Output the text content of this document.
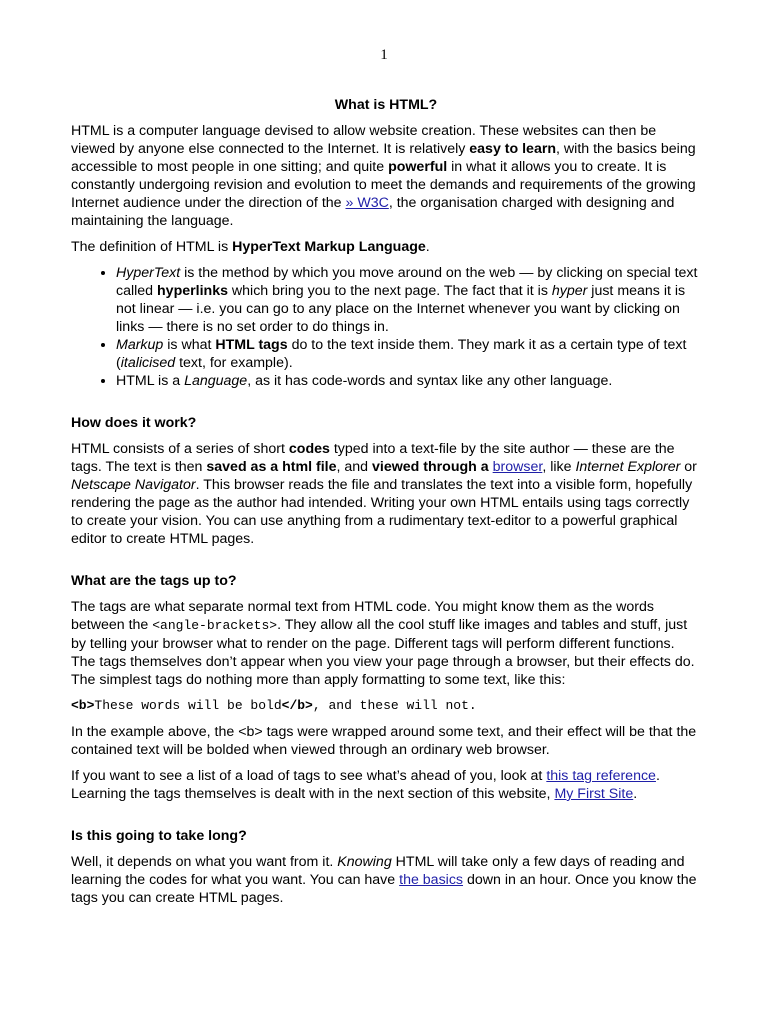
1
What is HTML?

HTML is a computer language devised to allow website creation. These websites can then be viewed by anyone else connected to the Internet. It is relatively easy to learn, with the basics being accessible to most people in one sitting; and quite powerful in what it allows you to create. It is constantly undergoing revision and evolution to meet the demands and requirements of the growing Internet audience under the direction of the » W3C, the organisation charged with designing and maintaining the language.

The definition of HTML is HyperText Markup Language.

• HyperText is the method by which you move around on the web — by clicking on special text called hyperlinks which bring you to the next page. The fact that it is hyper just means it is not linear — i.e. you can go to any place on the Internet whenever you want by clicking on links — there is no set order to do things in.
• Markup is what HTML tags do to the text inside them. They mark it as a certain type of text (italicised text, for example).
• HTML is a Language, as it has code-words and syntax like any other language.
How does it work?

HTML consists of a series of short codes typed into a text-file by the site author — these are the tags. The text is then saved as a html file, and viewed through a browser, like Internet Explorer or Netscape Navigator. This browser reads the file and translates the text into a visible form, hopefully rendering the page as the author had intended. Writing your own HTML entails using tags correctly to create your vision. You can use anything from a rudimentary text-editor to a powerful graphical editor to create HTML pages.

What are the tags up to?

The tags are what separate normal text from HTML code. You might know them as the words between the <angle-brackets>. They allow all the cool stuff like images and tables and stuff, just by telling your browser what to render on the page. Different tags will perform different functions. The tags themselves don’t appear when you view your page through a browser, but their effects do. The simplest tags do nothing more than apply formatting to some text, like this:

<b>These words will be bold</b>, and these will not.

In the example above, the <b> tags were wrapped around some text, and their effect will be that the contained text will be bolded when viewed through an ordinary web browser.

If you want to see a list of a load of tags to see what’s ahead of you, look at this tag reference. Learning the tags themselves is dealt with in the next section of this website, My First Site.

Is this going to take long?

Well, it depends on what you want from it. Knowing HTML will take only a few days of reading and learning the codes for what you want. You can have the basics down in an hour. Once you know the tags you can create HTML pages.
